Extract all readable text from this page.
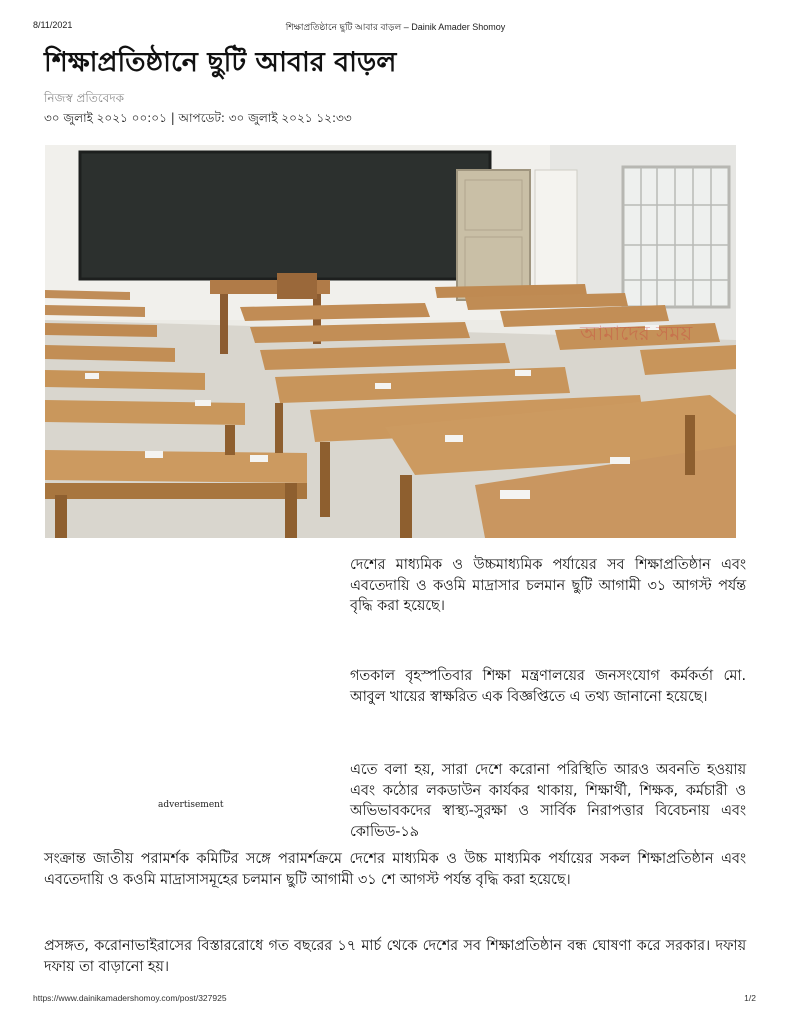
8/11/2021	শিক্ষাপ্রতিষ্ঠানে ছুটি আবার বাড়ল – Dainik Amader Shomoy
শিক্ষাপ্রতিষ্ঠানে ছুটি আবার বাড়ল
নিজস্ব প্রতিবেদক
৩০ জুলাই ২০২১ ০০:০১ | আপডেট: ৩০ জুলাই ২০২১ ১২:৩৩
আমাদের সময়
advertisement

দেশের মাধ্যমিক ও উচ্চমাধ্যমিক পর্যায়ের সব শিক্ষাপ্রতিষ্ঠান এবং এবতেদায়ি ও কওমি মাদ্রাসার চলমান ছুটি আগামী ৩১ আগস্ট পর্যন্ত বৃদ্ধি করা হয়েছে।

গতকাল বৃহস্পতিবার শিক্ষা মন্ত্রণালয়ের জনসংযোগ কর্মকর্তা মো. আবুল খায়ের স্বাক্ষরিত এক বিজ্ঞপ্তিতে এ তথ্য জানানো হয়েছে।

এতে বলা হয়, সারা দেশে করোনা পরিস্থিতি আরও অবনতি হওয়ায় এবং কঠোর লকডাউন কার্যকর থাকায়, শিক্ষার্থী, শিক্ষক, কর্মচারী ও অভিভাবকদের স্বাস্থ্য-সুরক্ষা ও সার্বিক নিরাপত্তার বিবেচনায় এবং কোভিড-১৯

সংক্রান্ত জাতীয় পরামর্শক কমিটির সঙ্গে পরামর্শক্রমে দেশের মাধ্যমিক ও উচ্চ মাধ্যমিক পর্যায়ের সকল শিক্ষাপ্রতিষ্ঠান এবং এবতেদায়ি ও কওমি মাদ্রাসাসমূহের চলমান ছুটি আগামী ৩১ শে আগস্ট পর্যন্ত বৃদ্ধি করা হয়েছে।

প্রসঙ্গত, করোনাভাইরাসের বিস্তাররোধে গত বছরের ১৭ মার্চ থেকে দেশের সব শিক্ষাপ্রতিষ্ঠান বন্ধ ঘোষণা করে সরকার। দফায় দফায় তা বাড়ানো হয়।

https://www.dainikamadershomoy.com/post/327925	1/2
